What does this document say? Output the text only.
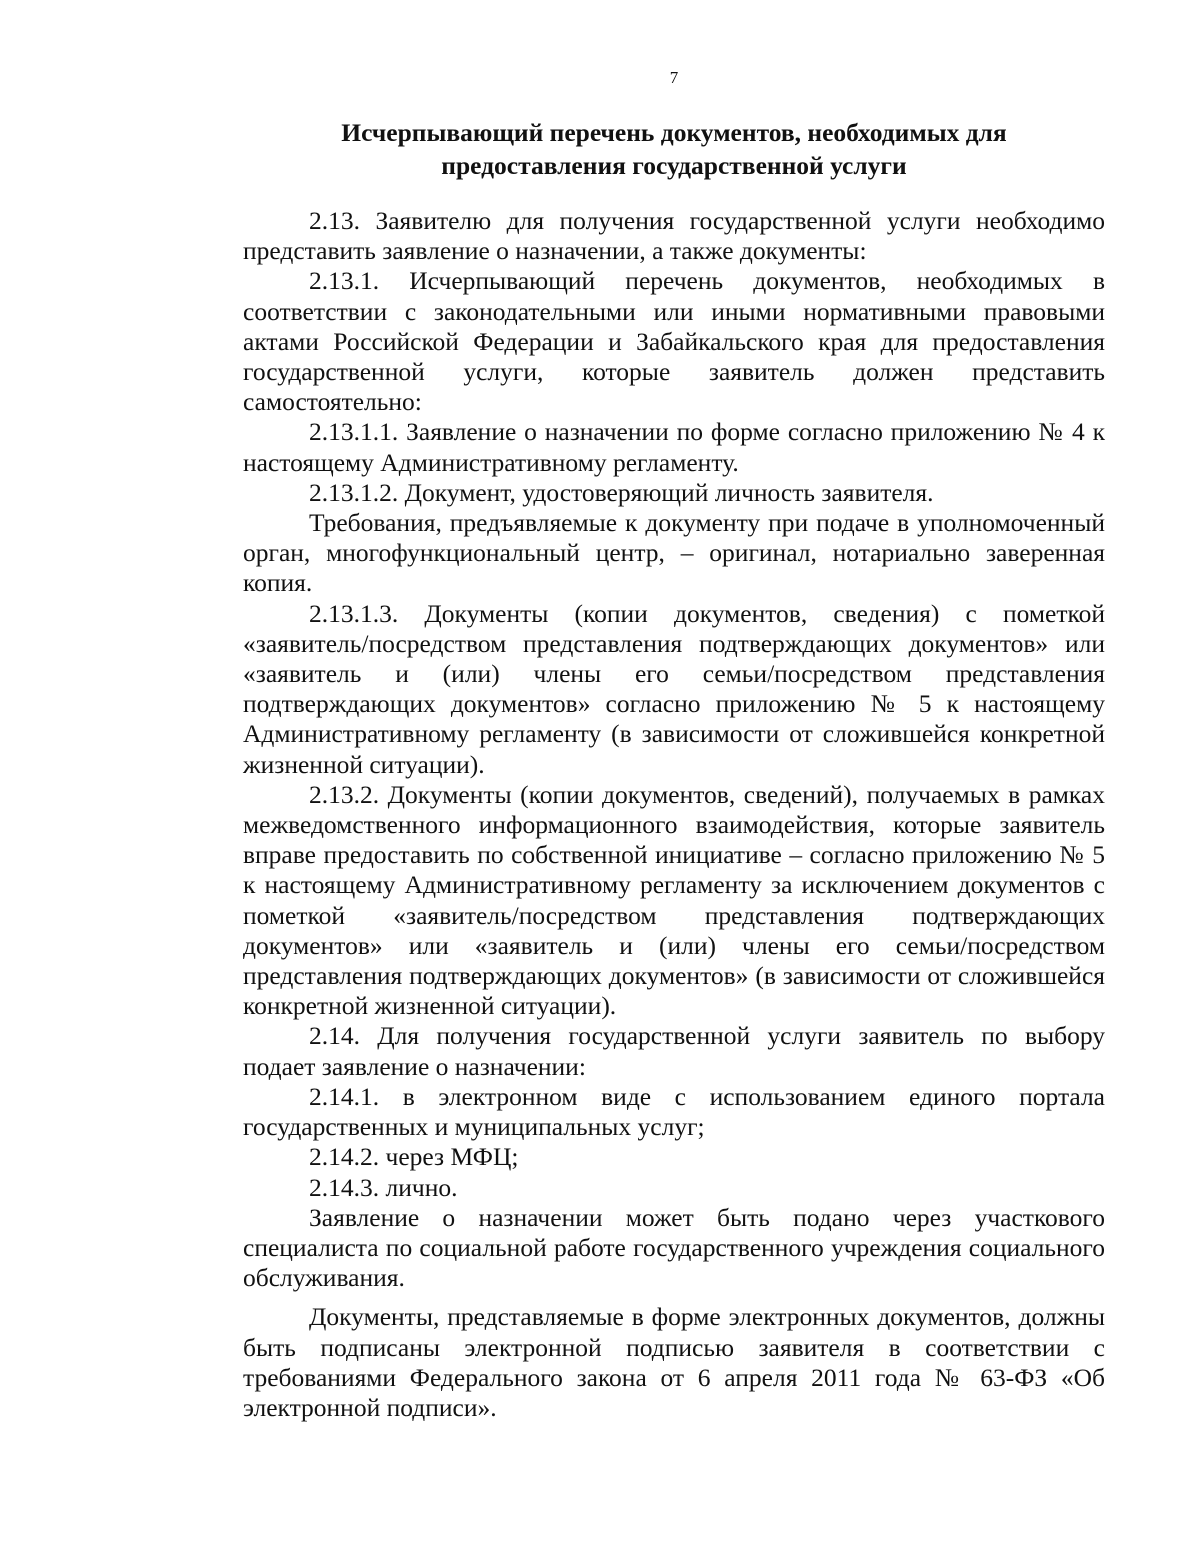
7
Исчерпывающий перечень документов, необходимых для
предоставления государственной услуги

2.13. Заявителю для получения государственной услуги необходимо представить заявление о назначении, а также документы:

2.13.1. Исчерпывающий перечень документов, необходимых в соответствии с законодательными или иными нормативными правовыми актами Российской Федерации и Забайкальского края для предоставления государственной услуги, которые заявитель должен представить самостоятельно:

2.13.1.1. Заявление о назначении по форме согласно приложению № 4 к настоящему Административному регламенту.

2.13.1.2. Документ, удостоверяющий личность заявителя.

Требования, предъявляемые к документу при подаче в уполномоченный орган, многофункциональный центр, – оригинал, нотариально заверенная копия.

2.13.1.3. Документы (копии документов, сведения) с пометкой «заявитель/посредством представления подтверждающих документов» или «заявитель и (или) члены его семьи/посредством представления подтверждающих документов» согласно приложению № 5 к настоящему Административному регламенту (в зависимости от сложившейся конкретной жизненной ситуации).

2.13.2. Документы (копии документов, сведений), получаемых в рамках межведомственного информационного взаимодействия, которые заявитель вправе предоставить по собственной инициативе – согласно приложению № 5 к настоящему Административному регламенту за исключением документов с пометкой «заявитель/посредством представления подтверждающих документов» или «заявитель и (или) члены его семьи/посредством представления подтверждающих документов» (в зависимости от сложившейся конкретной жизненной ситуации).

2.14. Для получения государственной услуги заявитель по выбору подает заявление о назначении:

2.14.1. в электронном виде с использованием единого портала государственных и муниципальных услуг;

2.14.2. через МФЦ;

2.14.3. лично.

Заявление о назначении может быть подано через участкового специалиста по социальной работе государственного учреждения социального обслуживания.

Документы, представляемые в форме электронных документов, должны быть подписаны электронной подписью заявителя в соответствии с требованиями Федерального закона от 6 апреля 2011 года № 63-ФЗ «Об электронной подписи».
